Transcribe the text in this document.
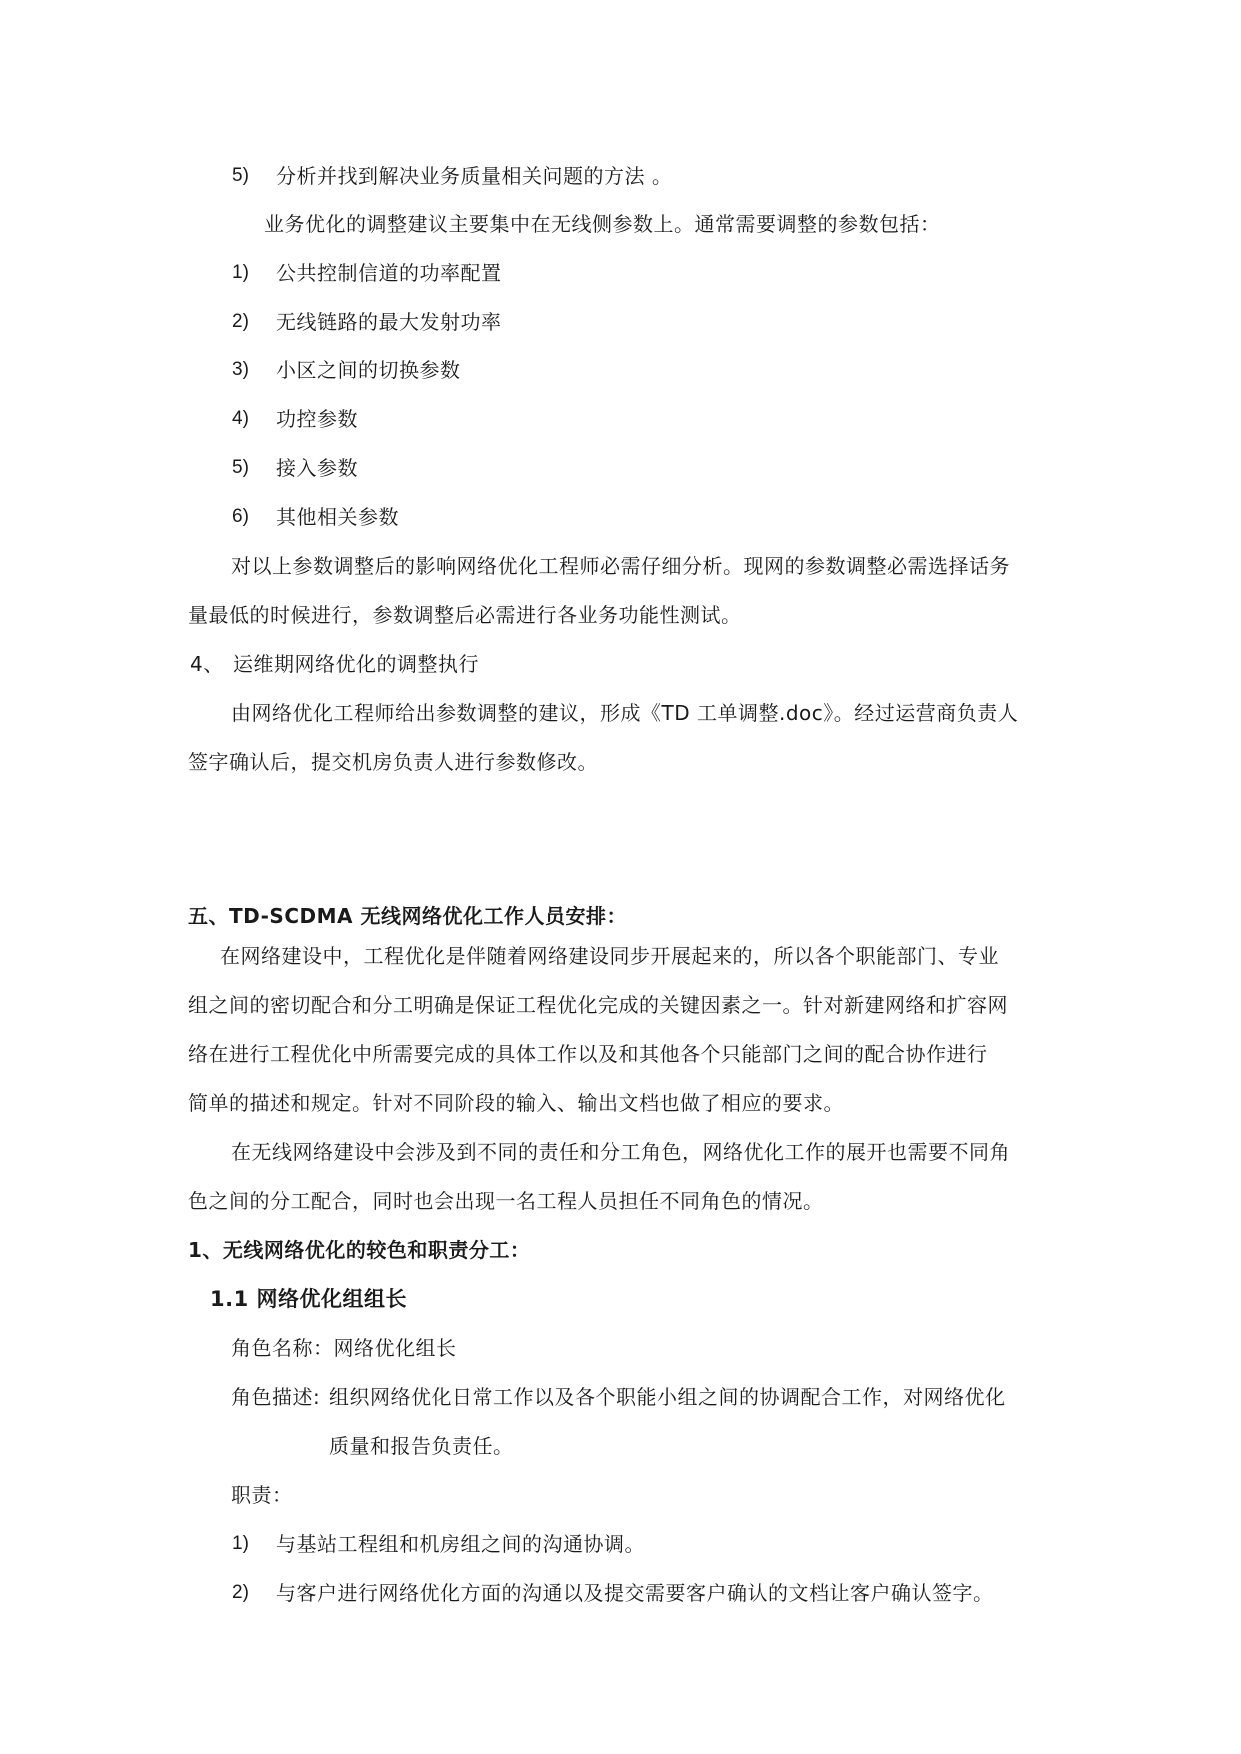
5) 分析并找到解决业务质量相关问题的方法 。
业务优化的调整建议主要集中在无线侧参数上。通常需要调整的参数包括：
1) 公共控制信道的功率配置
2) 无线链路的最大发射功率
3) 小区之间的切换参数
4) 功控参数
5) 接入参数
6) 其他相关参数
对以上参数调整后的影响网络优化工程师必需仔细分析。现网的参数调整必需选择话务
量最低的时候进行，参数调整后必需进行各业务功能性测试。
4、 运维期网络优化的调整执行
由网络优化工程师给出参数调整的建议，形成《TD 工单调整.doc》。经过运营商负责人
签字确认后，提交机房负责人进行参数修改。
五、TD-SCDMA 无线网络优化工作人员安排：
在网络建设中，工程优化是伴随着网络建设同步开展起来的，所以各个职能部门、专业
组之间的密切配合和分工明确是保证工程优化完成的关键因素之一。针对新建网络和扩容网
络在进行工程优化中所需要完成的具体工作以及和其他各个只能部门之间的配合协作进行
简单的描述和规定。针对不同阶段的输入、输出文档也做了相应的要求。
在无线网络建设中会涉及到不同的责任和分工角色，网络优化工作的展开也需要不同角
色之间的分工配合，同时也会出现一名工程人员担任不同角色的情况。
1、无线网络优化的较色和职责分工：
1.1 网络优化组组长
角色名称：网络优化组长
角色描述: 组织网络优化日常工作以及各个职能小组之间的协调配合工作，对网络优化
质量和报告负责任。
职责：
1) 与基站工程组和机房组之间的沟通协调。
2) 与客户进行网络优化方面的沟通以及提交需要客户确认的文档让客户确认签字。
